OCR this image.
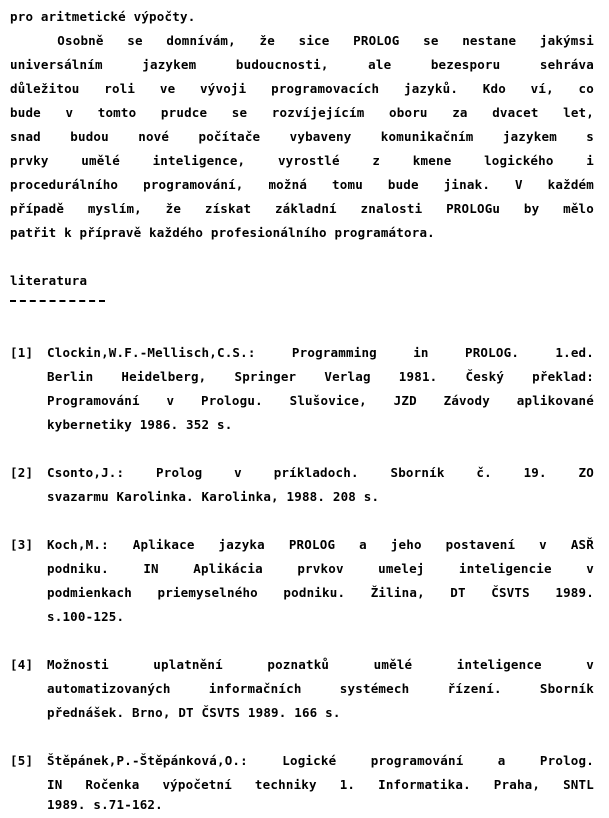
pro aritmetické výpočty.
Osobně se domnívám, že sice PROLOG se nestane jakýmsi
universálním jazykem budoucnosti, ale bezesporu sehráva
důležitou roli ve vývoji programovacích jazyků. Kdo ví, co
bude v tomto prudce se rozvíjejícím oboru za dvacet let,
snad budou nové počítače vybaveny komunikačním jazykem s
prvky umělé inteligence, vyrostlé z kmene logického i
procedurálního programování, možná tomu bude jinak. V každém
případě myslím, že získat základní znalosti PROLOGu by mělo
patřit k přípravě každého profesionálního programátora.
literatura
[1] Clockin,W.F.-Mellisch,C.S.: Programming in PROLOG. 1.ed.
Berlin Heidelberg, Springer Verlag 1981. Český překlad:
Programování v Prologu. Slušovice, JZD Závody aplikované
kybernetiky 1986. 352 s.
[2] Csonto,J.: Prolog v príkladoch. Sborník č. 19. ZO
svazarmu Karolinka. Karolinka, 1988. 208 s.
[3] Koch,M.: Aplikace jazyka PROLOG a jeho postavení v ASŘ
podniku. IN Aplikácia prvkov umelej inteligencie v
podmienkach priemyselného podniku. Žilina, DT ČSVTS 1989.
s.100-125.
[4] Možnosti uplatnění poznatků umělé inteligence v
automatizovaných informačních systémech řízení. Sborník
přednášek. Brno, DT ČSVTS 1989. 166 s.
[5] Štěpánek,P.-Štěpánková,O.: Logické programování a Prolog.
IN Ročenka výpočetní techniky 1. Informatika. Praha, SNTL
1989. s.71-162.
